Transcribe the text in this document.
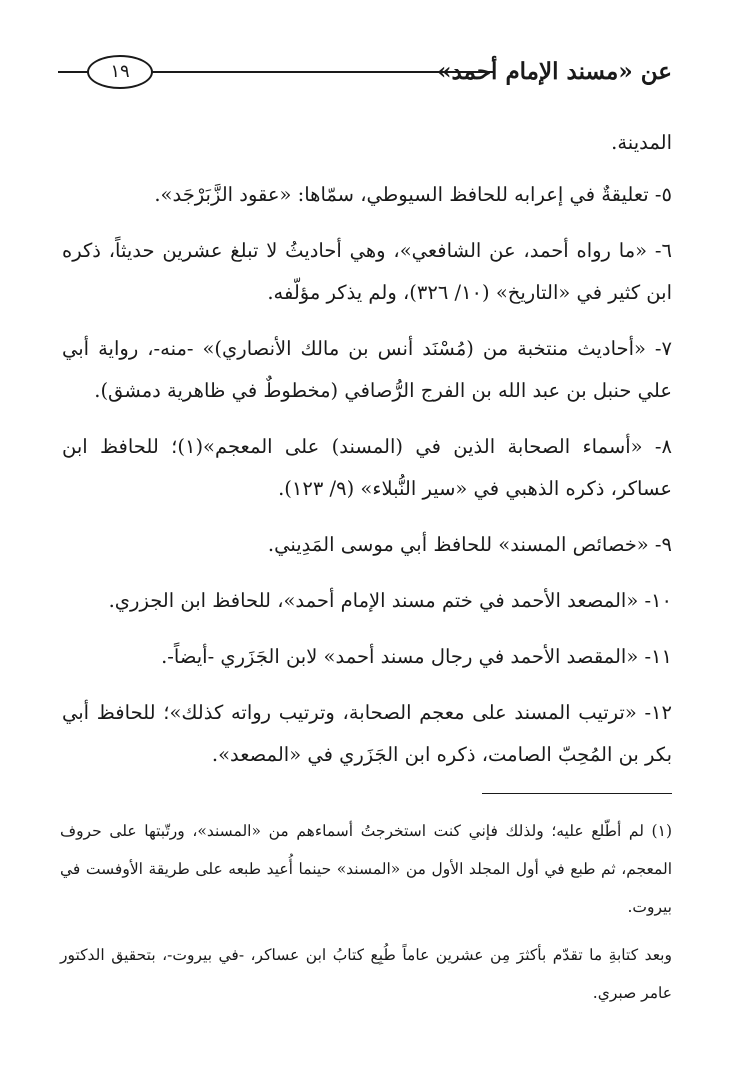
عن «مسند الإمام أحمد»
١٩

المدينة.

٥- تعليقةٌ في إعرابه للحافظ السيوطي، سمّاها: «عقود الزَّبَرْجَد».

٦- «ما رواه أحمد، عن الشافعي»، وهي أحاديثُ لا تبلغ عشرين حديثاً، ذكره ابن كثير في «التاريخ» (١٠/ ٣٢٦)، ولم يذكر مؤلّفه.

٧- «أحاديث منتخبة من (مُسْنَد أنس بن مالك الأنصاري)» -منه-، رواية أبي علي حنبل بن عبد الله بن الفرج الرُّصافي (مخطوطٌ في ظاهرية دمشق).

٨- «أسماء الصحابة الذين في (المسند) على المعجم»(١)؛ للحافظ ابن عساكر، ذكره الذهبي في «سير النُّبلاء» (٩/ ١٢٣).

٩- «خصائص المسند» للحافظ أبي موسى المَدِيني.

١٠- «المصعد الأحمد في ختم مسند الإمام أحمد»، للحافظ ابن الجزري.

١١- «المقصد الأحمد في رجال مسند أحمد» لابن الجَزَري -أيضاً-.

١٢- «ترتيب المسند على معجم الصحابة، وترتيب رواته كذلك»؛ للحافظ أبي بكر بن المُحِبّ الصامت، ذكره ابن الجَزَري في «المصعد».

(١) لم أطّلع عليه؛ ولذلك فإني كنت استخرجتُ أسماءهم من «المسند»، ورتّبتها على حروف المعجم، ثم طبع في أول المجلد الأول من «المسند» حينما أُعيد طبعه على طريقة الأوفست في بيروت.

وبعد كتابةِ ما تقدّم بأكثرَ مِن عشرين عاماً طُبِع كتابُ ابن عساكر، -في بيروت-، بتحقيق الدكتور عامر صبري.
